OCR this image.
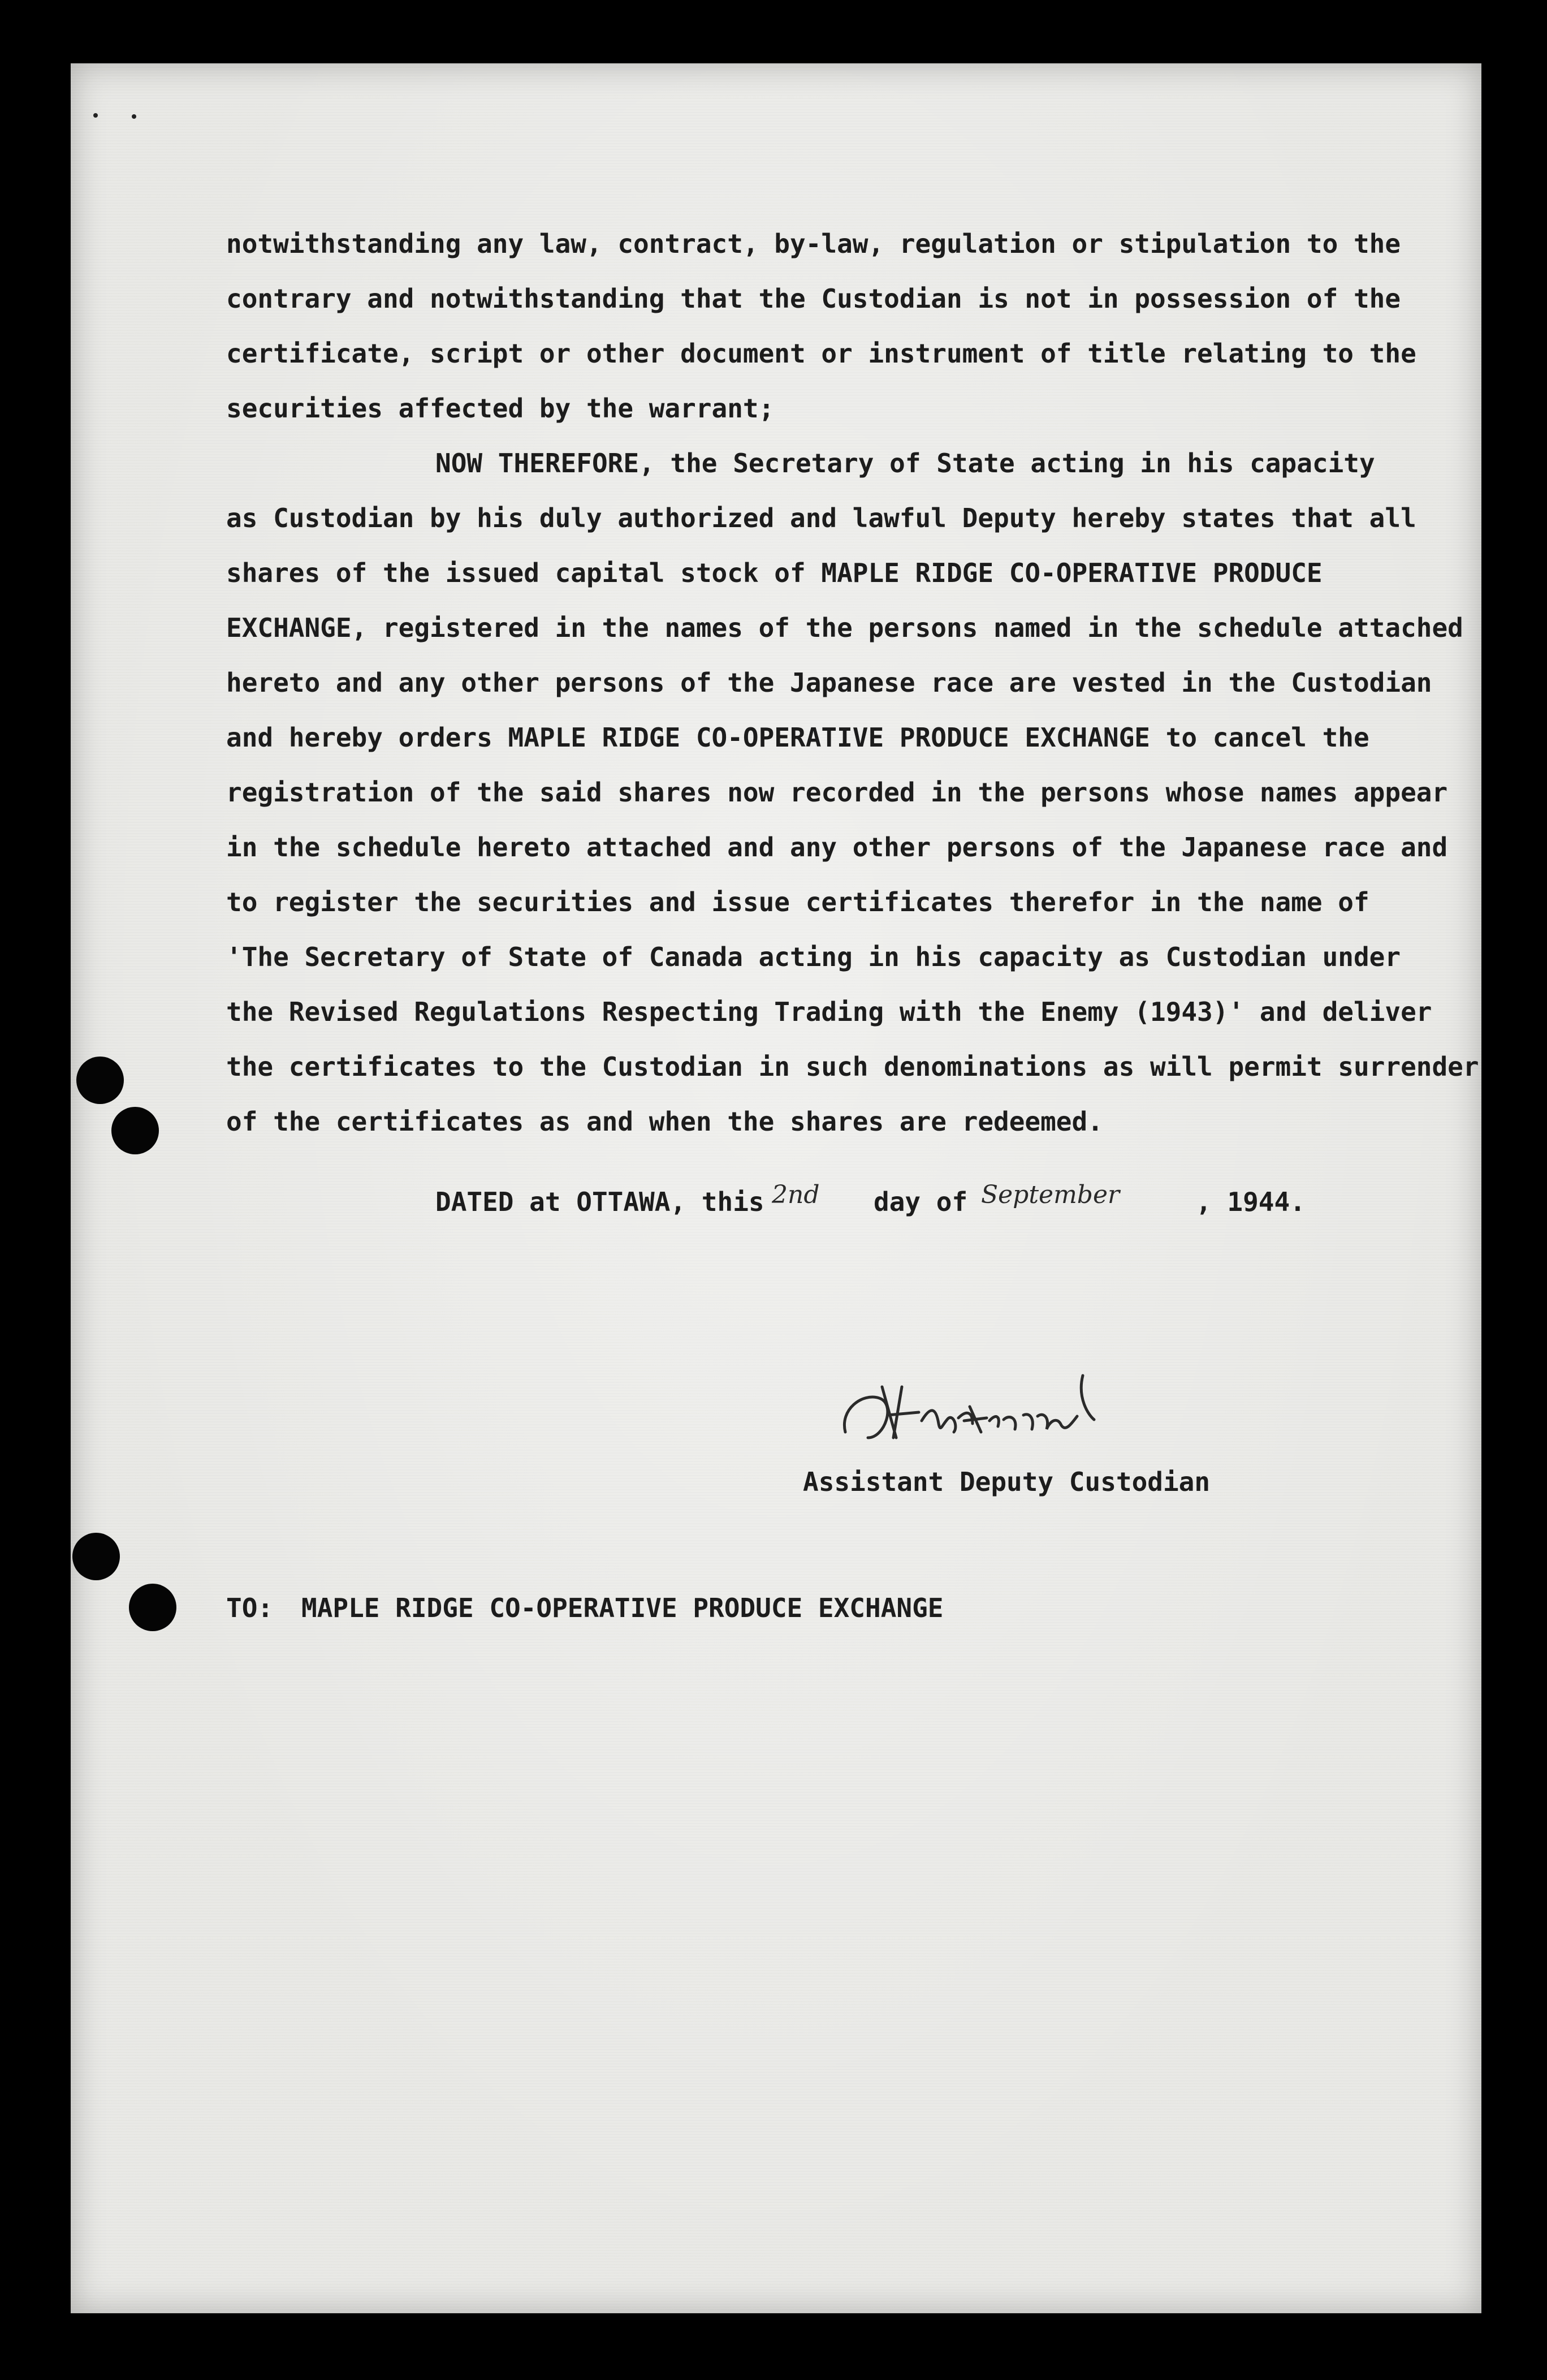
notwithstanding any law, contract, by-law, regulation or stipulation to the
contrary and notwithstanding that the Custodian is not in possession of the
certificate, script or other document or instrument of title relating to the
securities affected by the warrant;
NOW THEREFORE, the Secretary of State acting in his capacity
as Custodian by his duly authorized and lawful Deputy hereby states that all
shares of the issued capital stock of MAPLE RIDGE CO-OPERATIVE PRODUCE
EXCHANGE, registered in the names of the persons named in the schedule attached
hereto and any other persons of the Japanese race are vested in the Custodian
and hereby orders MAPLE RIDGE CO-OPERATIVE PRODUCE EXCHANGE to cancel the
registration of the said shares now recorded in the persons whose names appear
in the schedule hereto attached and any other persons of the Japanese race and
to register the securities and issue certificates therefor in the name of
'The Secretary of State of Canada acting in his capacity as Custodian under
the Revised Regulations Respecting Trading with the Enemy (1943)' and deliver
the certificates to the Custodian in such denominations as will permit surrender
of the certificates as and when the shares are redeemed.
DATED at OTTAWA, this 2nd day of September	, 1944.
Assistant Deputy Custodian
TO: MAPLE RIDGE CO-OPERATIVE PRODUCE EXCHANGE
